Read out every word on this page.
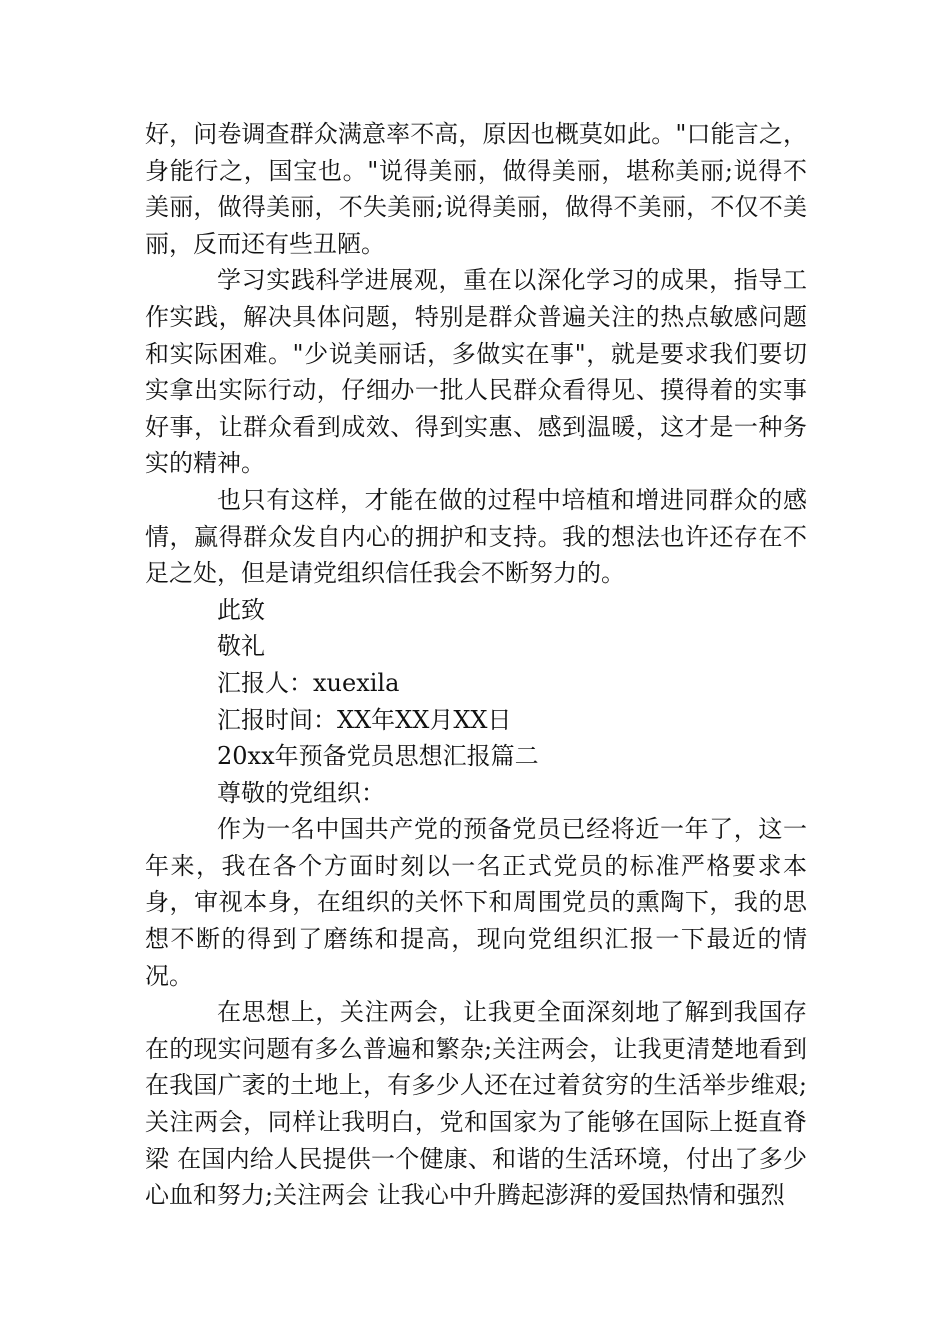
好，问卷调查群众满意率不高，原因也概莫如此。"口能言之，身能行之，国宝也。"说得美丽，做得美丽，堪称美丽;说得不美丽，做得美丽，不失美丽;说得美丽，做得不美丽，不仅不美丽，反而还有些丑陋。

学习实践科学进展观，重在以深化学习的成果，指导工作实践，解决具体问题，特别是群众普遍关注的热点敏感问题和实际困难。"少说美丽话，多做实在事"，就是要求我们要切实拿出实际行动，仔细办一批人民群众看得见、摸得着的实事好事，让群众看到成效、得到实惠、感到温暖，这才是一种务实的精神。

也只有这样，才能在做的过程中培植和增进同群众的感情，赢得群众发自内心的拥护和支持。我的想法也许还存在不足之处，但是请党组织信任我会不断努力的。

此致

敬礼

汇报人：xuexila

汇报时间：XX年XX月XX日

20xx年预备党员思想汇报篇二

尊敬的党组织：

作为一名中国共产党的预备党员已经将近一年了，这一年来，我在各个方面时刻以一名正式党员的标准严格要求本身，审视本身，在组织的关怀下和周围党员的熏陶下，我的思想不断的得到了磨练和提高，现向党组织汇报一下最近的情况。

在思想上，关注两会，让我更全面深刻地了解到我国存在的现实问题有多么普遍和繁杂;关注两会，让我更清楚地看到在我国广袤的土地上，有多少人还在过着贫穷的生活举步维艰;关注两会，同样让我明白，党和国家为了能够在国际上挺直脊梁 在国内给人民提供一个健康、和谐的生活环境，付出了多少心血和努力;关注两会 让我心中升腾起澎湃的爱国热情和强烈
